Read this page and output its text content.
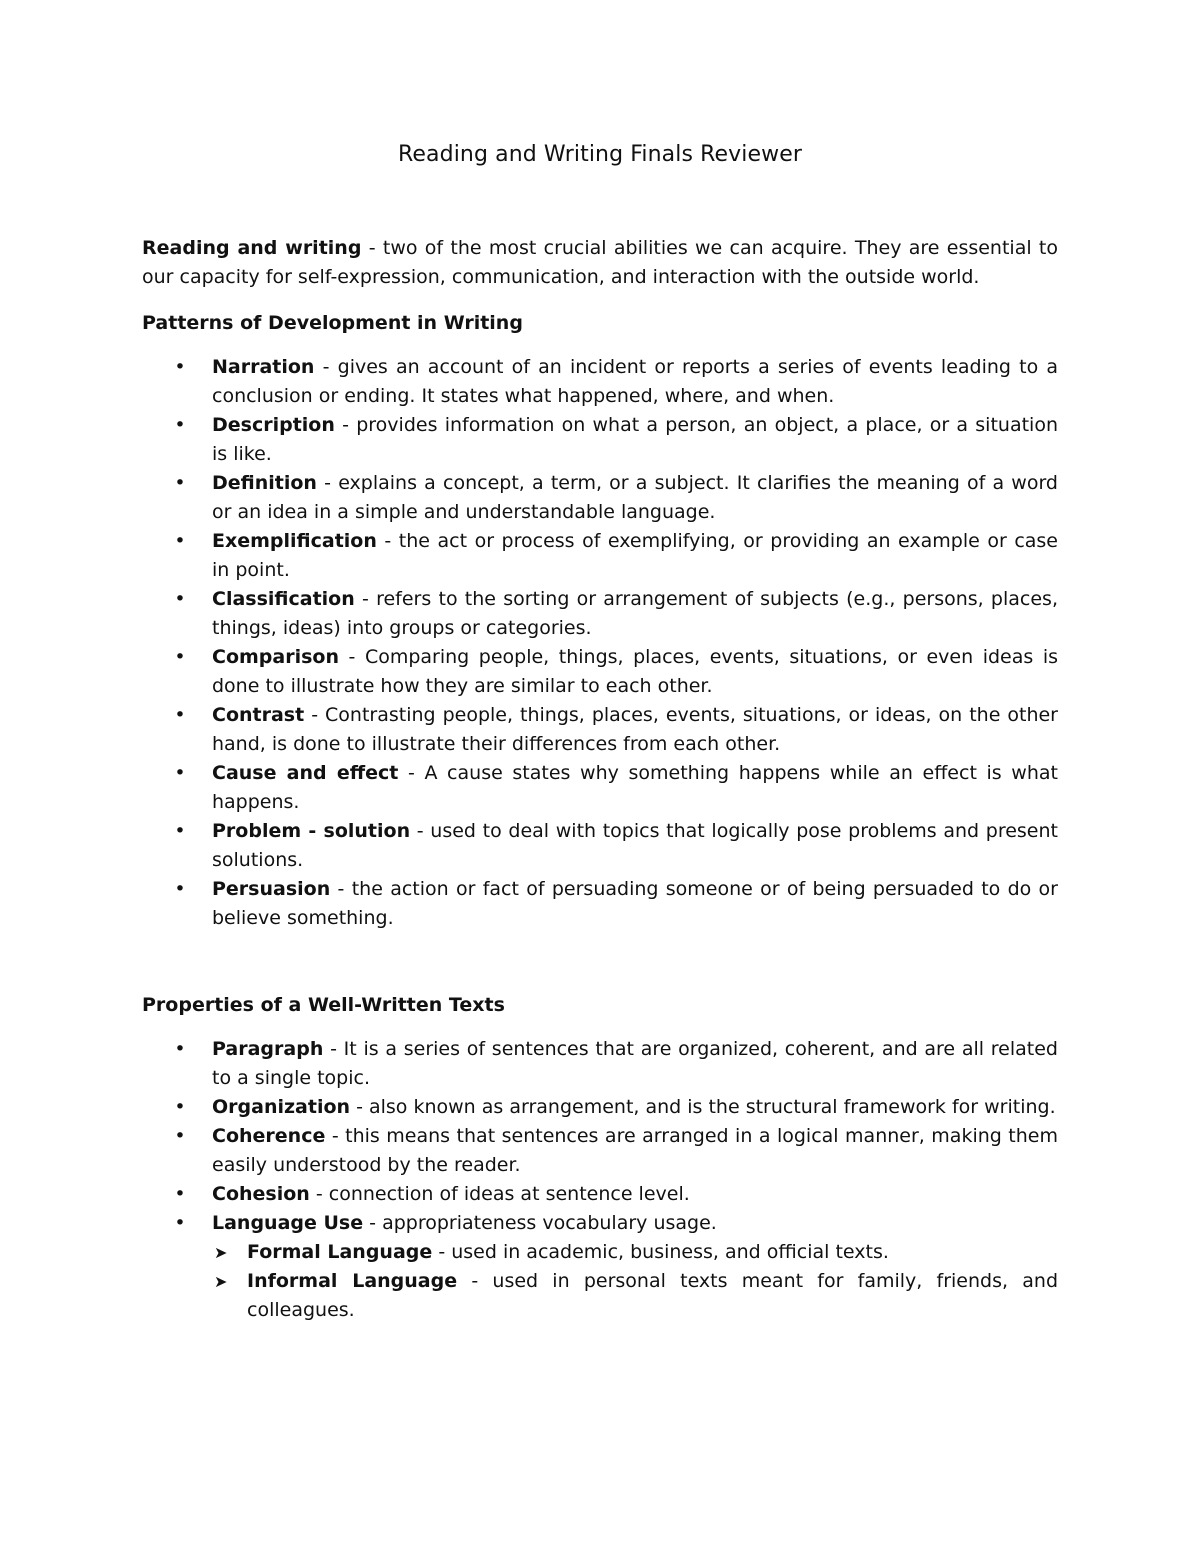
Reading and Writing Finals Reviewer

Reading and writing - two of the most crucial abilities we can acquire. They are essential to our capacity for self-expression, communication, and interaction with the outside world.

Patterns of Development in Writing
• Narration - gives an account of an incident or reports a series of events leading to a conclusion or ending. It states what happened, where, and when.
• Description - provides information on what a person, an object, a place, or a situation is like.
• Definition - explains a concept, a term, or a subject. It clarifies the meaning of a word or an idea in a simple and understandable language.
• Exemplification - the act or process of exemplifying, or providing an example or case in point.
• Classification - refers to the sorting or arrangement of subjects (e.g., persons, places, things, ideas) into groups or categories.
• Comparison - Comparing people, things, places, events, situations, or even ideas is done to illustrate how they are similar to each other.
• Contrast - Contrasting people, things, places, events, situations, or ideas, on the other hand, is done to illustrate their differences from each other.
• Cause and effect - A cause states why something happens while an effect is what happens.
• Problem - solution - used to deal with topics that logically pose problems and present solutions.
• Persuasion - the action or fact of persuading someone or of being persuaded to do or believe something.
Properties of a Well-Written Texts
• Paragraph - It is a series of sentences that are organized, coherent, and are all related to a single topic.
• Organization - also known as arrangement, and is the structural framework for writing.
• Coherence - this means that sentences are arranged in a logical manner, making them easily understood by the reader.
• Cohesion - connection of ideas at sentence level.
• Language Use - appropriateness vocabulary usage.
➤ Formal Language - used in academic, business, and official texts.
➤ Informal Language - used in personal texts meant for family, friends, and colleagues.
